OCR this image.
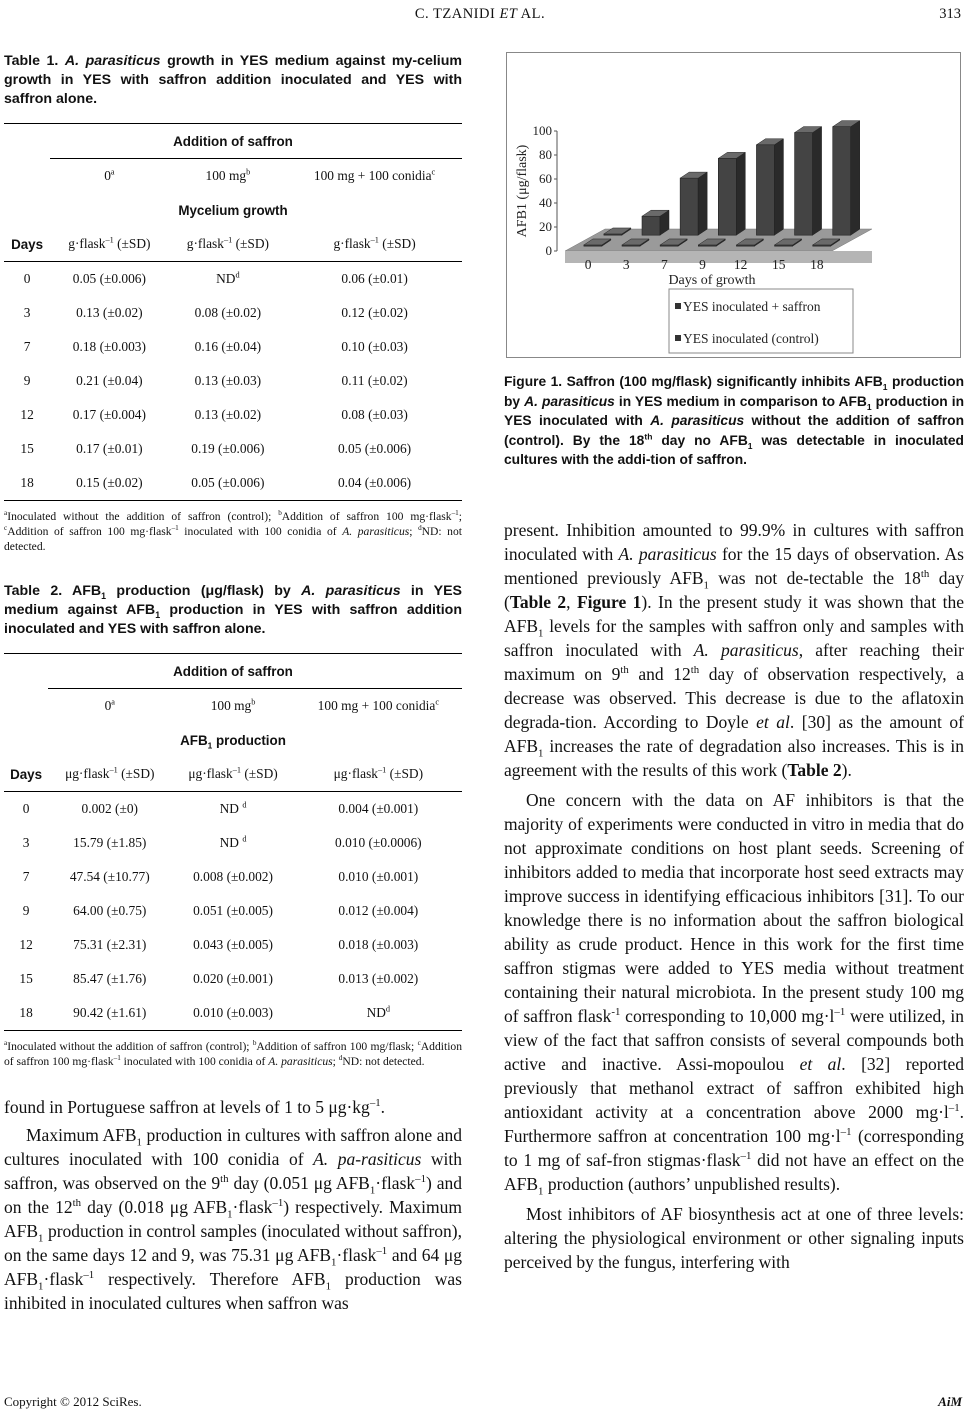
C. TZANIDI ET AL.	313

Table 1. A. parasiticus growth in YES medium against my-celium growth in YES with saffron addition inoculated and YES with saffron alone.

Addition of saffron			
	0$^a$	100 $mg^b$	100 mg + 100 conidia$^c$
Mycelium growth			
Days	g·flask$^{-1}$ (±SD)	g·flask$^{-1}$ (±SD)	g·flask$^{-1}$ (±SD)
0	0.05 (±0.006)	$ND^d$	0.06 (±0.01)
3	0.13 (±0.02)	0.08 (±0.02)	0.12 (±0.02)
7	0.18 (±0.003)	0.16 (±0.04)	0.10 (±0.03)
9	0.21 (±0.04)	0.13 (±0.03)	0.11 (±0.02)
12	0.17 (±0.004)	0.13 (±0.02)	0.08 (±0.03)
15	0.17 (±0.01)	0.19 (±0.006)	0.05 (±0.006)
18	0.15 (±0.02)	0.05 (±0.006)	0.04 (±0.006)
$^a$Inoculated without the addition of saffron (control); $^b$Addition of saffron 100 mg·flask$^{-1}$; $^c$Addition of saffron 100 mg·flask$^{-1}$ inoculated with 100 conidia of A. parasiticus; $^d$ND: not detected.

Table 2. $AFB_1$ production (μg/flask) by A. parasiticus in YES medium against $AFB_1$ production in YES with saffron addition inoculated and YES with saffron alone.

Addition of saffron			
	0$^a$	100 $mg^b$	100 mg + 100 conidia$^c$
$AFB_1$ production			
Days	μg·flask$^{-1}$ (±SD)	μg·flask$^{-1}$ (±SD)	μg·flask$^{-1}$ (±SD)
0	0.002 (±0)	ND $^d$	0.004 (±0.001)
3	15.79 (±1.85)	ND $^d$	0.010 (±0.0006)
7	47.54 (±10.77)	0.008 (±0.002)	0.010 (±0.001)
9	64.00 (±0.75)	0.051 (±0.005)	0.012 (±0.004)
12	75.31 (±2.31)	0.043 (±0.005)	0.018 (±0.003)
15	85.47 (±1.76)	0.020 (±0.001)	0.013 (±0.002)
18	90.42 (±1.61)	0.010 (±0.003)	$ND^d$
$^a$Inoculated without the addition of saffron (control); $^b$Addition of saffron 100 mg/flask; $^c$Addition of saffron 100 mg·flask$^{-1}$ inoculated with 100 conidia of A. parasiticus; $^d$ND: not detected.

found in Portuguese saffron at levels of 1 to 5 $\mu g\cdot kg^{-1}$.

Maximum $AFB_1$ production in cultures with saffron alone and cultures inoculated with 100 conidia of A. pa-rasiticus with saffron, was observed on the 9th day (0.051 μg $AFB_1\cdot flask^{-1}$) and on the 12th day (0.018 μg $AFB_1\cdot flask^{-1}$) respectively. Maximum $AFB_1$ production in control samples (inoculated without saffron), on the same days 12 and 9, was 75.31 μg $AFB_1\cdot flask^{-1}$ and 64 μg $AFB_1\cdot flask^{-1}$ respectively. Therefore $AFB_1$ production was inhibited in inoculated cultures when saffron was

0
20
40
60
80
100
AFB1 (μg/flask)
0 3 7 9 12 15 18
Days of growth
YES inoculated + saffron
YES inoculated (control)
Figure 1. Saffron (100 mg/flask) significantly inhibits $AFB_1$ production by A. parasiticus in YES medium in comparison to $AFB_1$ production in YES inoculated with A. parasiticus without the addition of saffron (control). By the 18th day no $AFB_1$ was detectable in inoculated cultures with the addi-tion of saffron.

present. Inhibition amounted to 99.9% in cultures with saffron inoculated with A. parasiticus for the 15 days of observation. As mentioned previously $AFB_1$ was not de-tectable the 18th day (Table 2, Figure 1). In the present study it was shown that the $AFB_1$ levels for the samples with saffron only and samples with saffron inoculated with A. parasiticus, after reaching their maximum on 9th and 12th day of observation respectively, a decrease was observed. This decrease is due to the aflatoxin degrada-tion. According to Doyle et al. [30] as the amount of $AFB_1$ increases the rate of degradation also increases. This is in agreement with the results of this work (Table 2).

One concern with the data on AF inhibitors is that the majority of experiments were conducted in vitro in media that do not approximate conditions on host plant seeds. Screening of inhibitors added to media that incorporate host seed extracts may improve success in identifying efficacious inhibitors [31]. To our knowledge there is no information about the saffron biological ability as crude product. Hence in this work for the first time saffron stigmas were added to YES media without treatment containing their natural microbiota. In the present study 100 mg of saffron flask$^{-1}$ corresponding to 10,000 $mg\cdot l^{-1}$ were utilized, in view of the fact that saffron consists of several compounds both active and inactive. Assi-mopoulou et al. [32] reported previously that methanol extract of saffron exhibited high antioxidant activity at a concentration above 2000 $mg\cdot l^{-1}$. Furthermore saffron at concentration 100 $mg\cdot l^{-1}$ (corresponding to 1 mg of saf-fron stigmas·flask$^{-1}$ did not have an effect on the $AFB_1$ production (authors’ unpublished results).

Most inhibitors of AF biosynthesis act at one of three levels: altering the physiological environment or other signaling inputs perceived by the fungus, interfering with

Copyright © 2012 SciRes.	AiM
